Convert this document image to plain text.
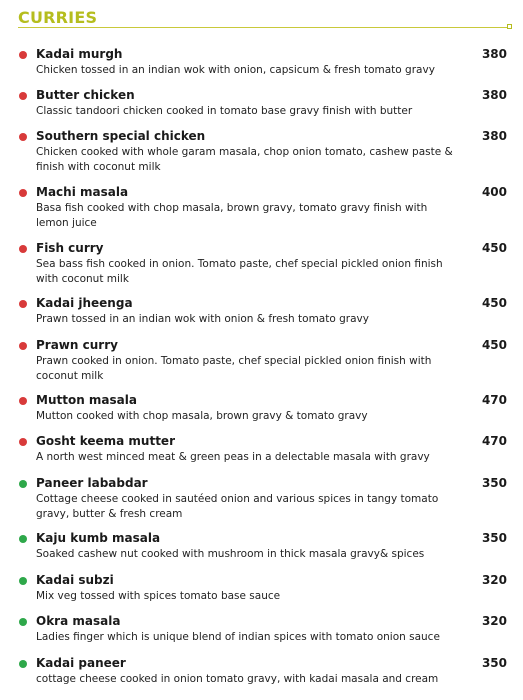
CURRIES
Kadai murgh	380
Chicken tossed in an indian wok with onion, capsicum & fresh tomato gravy
Butter chicken	380
Classic tandoori chicken cooked in tomato base gravy finish with butter
Southern special chicken	380
Chicken cooked with whole garam masala, chop onion tomato, cashew paste & finish with coconut milk
Machi masala	400
Basa fish cooked with chop masala, brown gravy, tomato gravy finish with lemon juice
Fish curry	450
Sea bass fish cooked in onion. Tomato paste, chef special pickled onion finish with coconut milk
Kadai jheenga	450
Prawn tossed in an indian wok with onion & fresh tomato gravy
Prawn curry	450
Prawn cooked in onion. Tomato paste, chef special pickled onion finish with coconut milk
Mutton masala	470
Mutton cooked with chop masala, brown gravy & tomato gravy
Gosht keema mutter	470
A north west minced meat & green peas in a delectable masala with gravy
Paneer lababdar	350
Cottage cheese cooked in sautéed onion and various spices in tangy tomato gravy, butter & fresh cream
Kaju kumb masala	350
Soaked cashew nut cooked with mushroom in thick masala gravy& spices
Kadai subzi	320
Mix veg tossed with spices tomato base sauce
Okra masala	320
Ladies finger which is unique blend of indian spices with tomato onion sauce
Kadai paneer	350
cottage cheese cooked in onion tomato gravy, with kadai masala and cream
